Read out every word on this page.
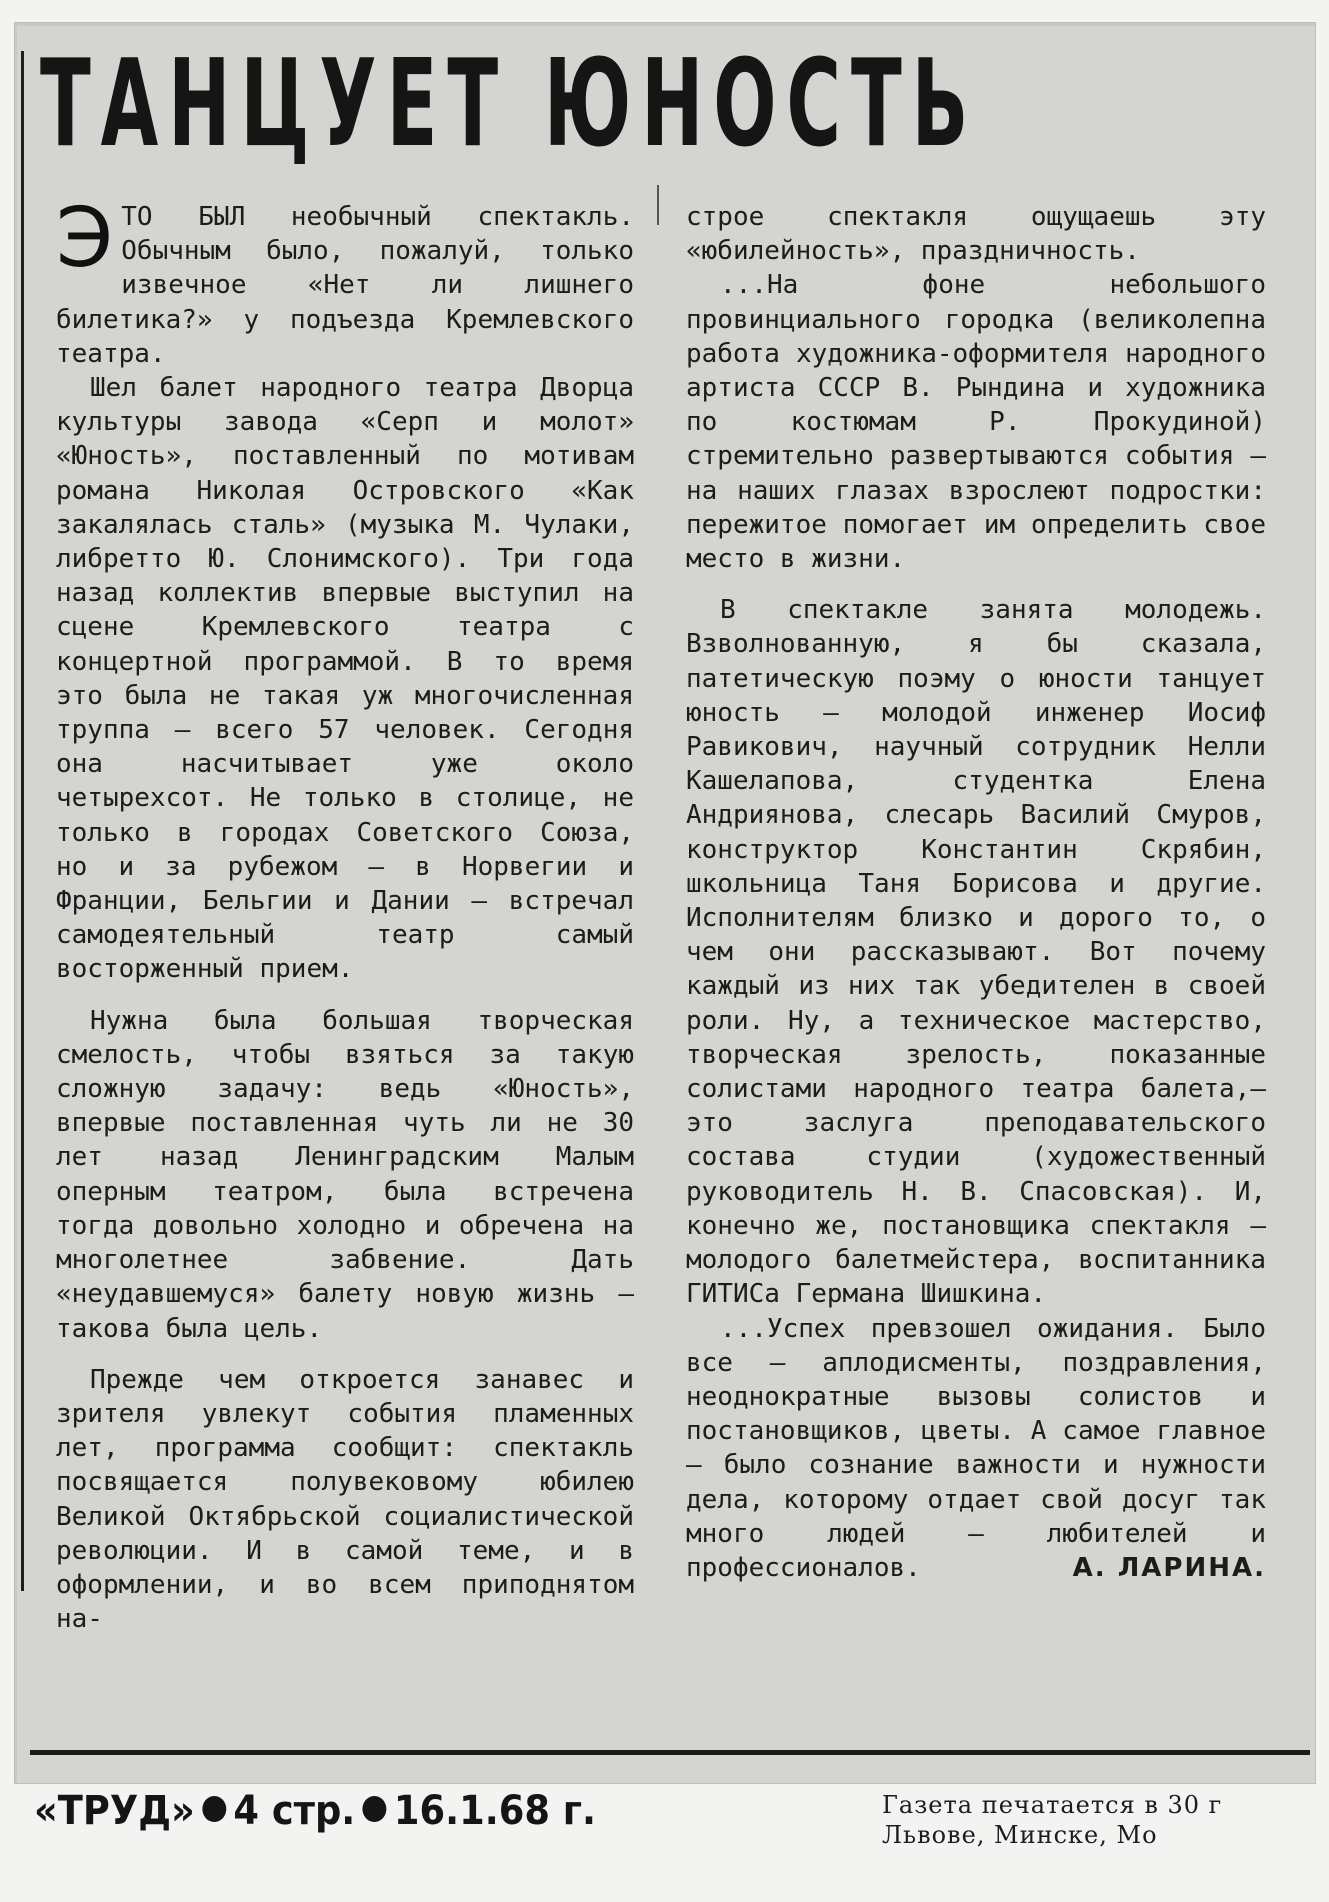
ТАНЦУЕТ ЮНОСТЬ

ЭТО БЫЛ необычный спектакль. Обычным было, пожалуй, только извечное «Нет ли лишнего билетика?» у подъезда Кремлевского театра.

Шел балет народного театра Дворца культуры завода «Серп и молот» «Юность», поставленный по мотивам романа Николая Островского «Как закалялась сталь» (музыка М. Чулаки, либретто Ю. Слонимского). Три года назад коллектив впервые выступил на сцене Кремлевского театра с концертной программой. В то время это была не такая уж многочисленная труппа — всего 57 человек. Сегодня она насчитывает уже около четырехсот. Не только в столице, не только в городах Советского Союза, но и за рубежом — в Норвегии и Франции, Бельгии и Дании — встречал самодеятельный театр самый восторженный прием.

Нужна была большая творческая смелость, чтобы взяться за такую сложную задачу: ведь «Юность», впервые поставленная чуть ли не 30 лет назад Ленинградским Малым оперным театром, была встречена тогда довольно холодно и обречена на многолетнее забвение. Дать «неудавшемуся» балету новую жизнь — такова была цель.

Прежде чем откроется занавес и зрителя увлекут события пламенных лет, программа сообщит: спектакль посвящается полувековому юбилею Великой Октябрьской социалистической революции. И в самой теме, и в оформлении, и во всем приподнятом на-

строе спектакля ощущаешь эту «юбилейность», праздничность.

...На фоне небольшого провинциального городка (великолепна работа художника-оформителя народного артиста СССР В. Рындина и художника по костюмам Р. Прокудиной) стремительно развертываются события — на наших глазах взрослеют подростки: пережитое помогает им определить свое место в жизни.

В спектакле занята молодежь. Взволнованную, я бы сказала, патетическую поэму о юности танцует юность — молодой инженер Иосиф Равикович, научный сотрудник Нелли Кашелапова, студентка Елена Андриянова, слесарь Василий Смуров, конструктор Константин Скрябин, школьница Таня Борисова и другие. Исполнителям близко и дорого то, о чем они рассказывают. Вот почему каждый из них так убедителен в своей роли. Ну, а техническое мастерство, творческая зрелость, показанные солистами народного театра балета,— это заслуга преподавательского состава студии (художественный руководитель Н. В. Спасовская). И, конечно же, постановщика спектакля — молодого балетмейстера, воспитанника ГИТИСа Германа Шишкина.

...Успех превзошел ожидания. Было все — аплодисменты, поздравления, неоднократные вызовы солистов и постановщиков, цветы. А самое главное — было сознание важности и нужности дела, которому отдает свой досуг так много людей — любителей и профессионалов.	А. ЛАРИНА.

«ТРУД» 4 стр. 16.1.68 г.	Газета печатается в 30 г
Львове, Минске, Мо
